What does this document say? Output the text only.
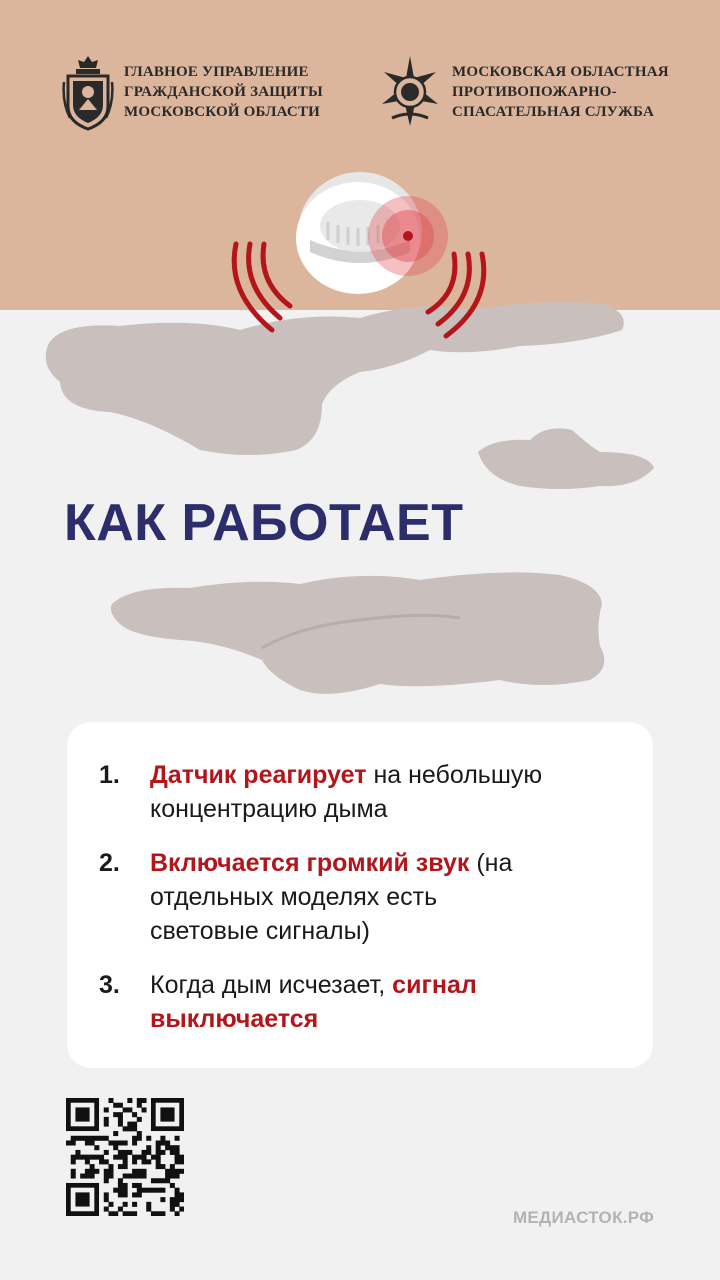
ГЛАВНОЕ УПРАВЛЕНИЕ
ГРАЖДАНСКОЙ ЗАЩИТЫ
МОСКОВСКОЙ ОБЛАСТИ
МОСКОВСКАЯ ОБЛАСТНАЯ
ПРОТИВОПОЖАРНО-
СПАСАТЕЛЬНАЯ СЛУЖБА
КАК РАБОТАЕТ
1. Датчик реагирует на небольшую концентрацию дыма
2. Включается громкий звук (на отдельных моделях есть световые сигналы)
3. Когда дым исчезает, сигнал выключается
МЕДИАСТОК.РФ
